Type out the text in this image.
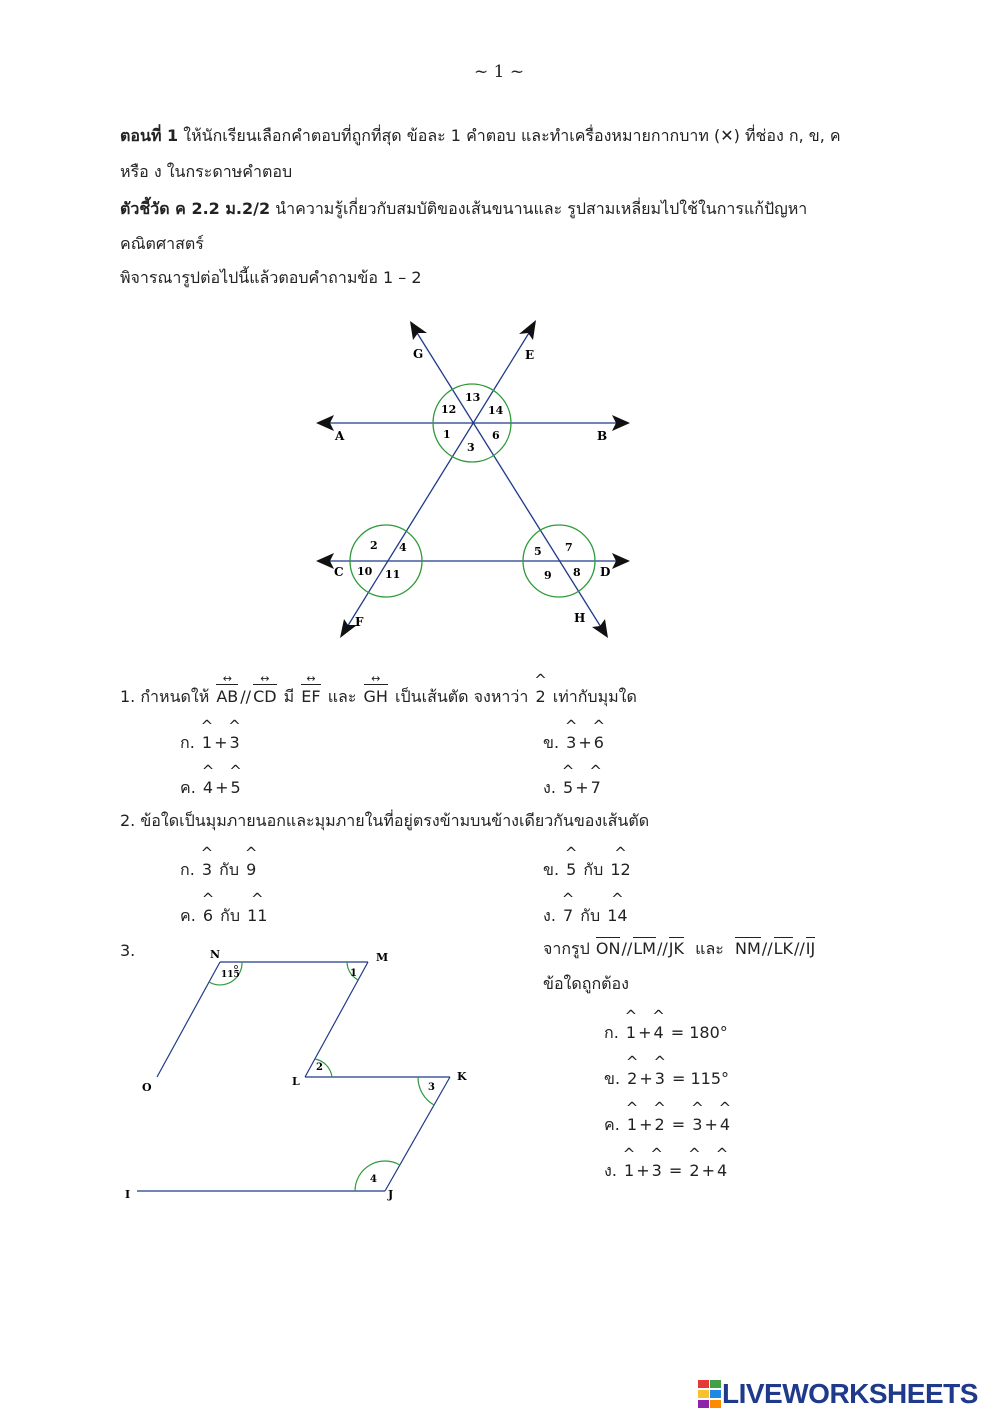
~ 1 ~
ตอนที่ 1 ให้นักเรียนเลือกคำตอบที่ถูกที่สุด ข้อละ 1 คำตอบ และทำเครื่องหมายกากบาท (✕) ที่ช่อง ก, ข, ค
หรือ ง ในกระดาษคำตอบ
ตัวชี้วัด ค 2.2 ม.2/2 นำความรู้เกี่ยวกับสมบัติของเส้นขนานและ รูปสามเหลี่ยมไปใช้ในการแก้ปัญหา
คณิตศาสตร์
พิจารณารูปต่อไปนี้แล้วตอบคำถามข้อ 1 – 2
A	B
C	D
E
F
G
H
1
3
6
12
13
14
2 4
10 11
5 7
8
9
1. กำหนดให้ AB ↔ // CD ↔ มี EF ↔ และ GH ↔ เป็นเส้นตัด จงหาว่า ^ 2 เท่ากับมุมใด
ก. ^ 1 + ^ 3	ข. ^ 3 + ^ 6
ค. ^ 4 + ^ 5	ง. ^ 5 + ^ 7
2. ข้อใดเป็นมุมภายนอกและมุมภายในที่อยู่ตรงข้ามบนข้างเดียวกันของเส้นตัด
ก. ^ 3 กับ ^ 9	ข. ^ 5 กับ ^ 12
ค. ^ 6 กับ ^ 11	ง. ^ 7 กับ ^ 14
3.	N	M
O	L	K
I	J
115	1
2
3
4
จากรูป ON//LM//JK และ NM//LK//IJ
ข้อใดถูกต้อง
ก. ^ 1 + ^ 4 = 180°
ข. ^ 2 + ^ 3 = 115°
ค. ^ 1 + ^ 2 = ^ 3 + ^ 4
ง. ^ 1 + ^ 3 = ^ 2 + ^ 4
LIVEWORKSHEETS
